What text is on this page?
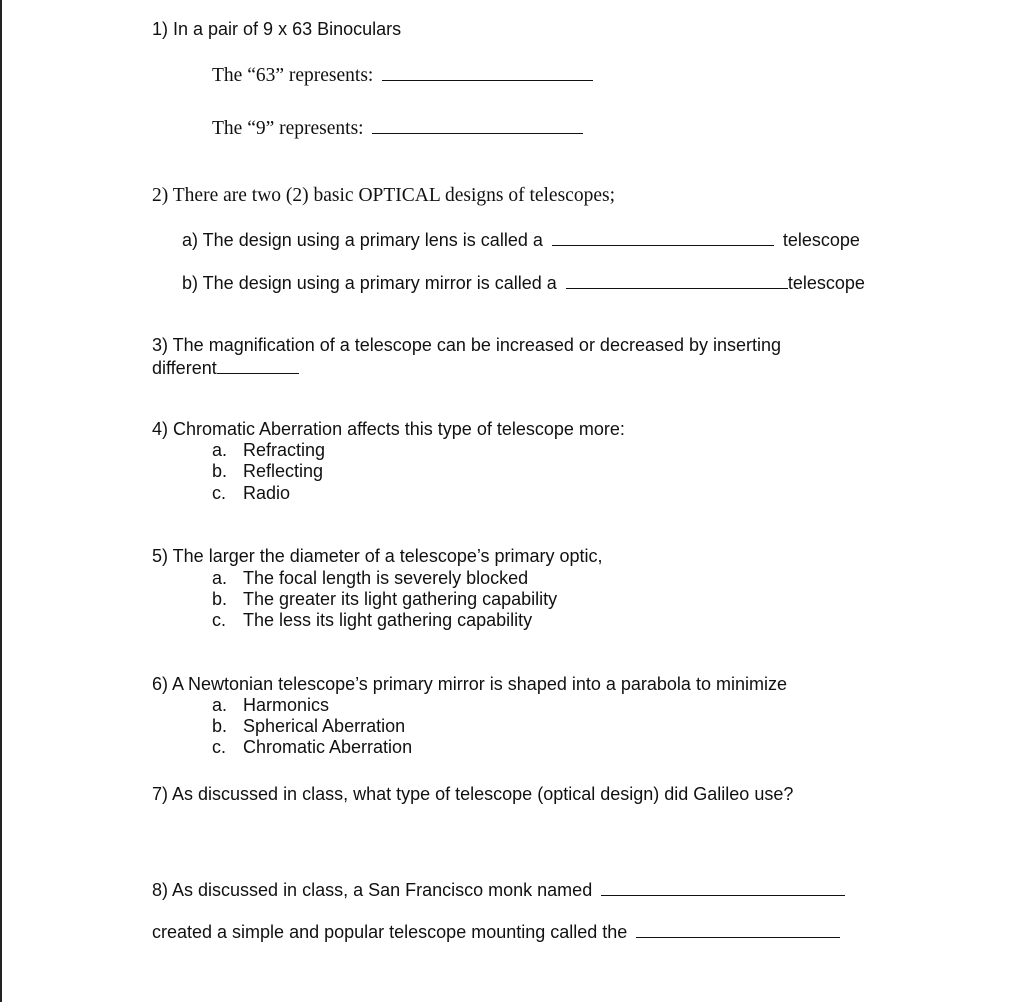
1) In a pair of 9 x 63 Binoculars
The “63” represents:
The “9” represents:
2) There are two (2) basic OPTICAL designs of telescopes;
a) The design using a primary lens is called a	telescope
b) The design using a primary mirror is called a	telescope
3) The magnification of a telescope can be increased or decreased by inserting
different
4) Chromatic Aberration affects this type of telescope more:
a. Refracting
b. Reflecting
c. Radio
5) The larger the diameter of a telescope’s primary optic,
a. The focal length is severely blocked
b. The greater its light gathering capability
c. The less its light gathering capability
6) A Newtonian telescope’s primary mirror is shaped into a parabola to minimize
a. Harmonics
b. Spherical Aberration
c. Chromatic Aberration
7) As discussed in class, what type of telescope (optical design) did Galileo use?
8) As discussed in class, a San Francisco monk named
created a simple and popular telescope mounting called the
